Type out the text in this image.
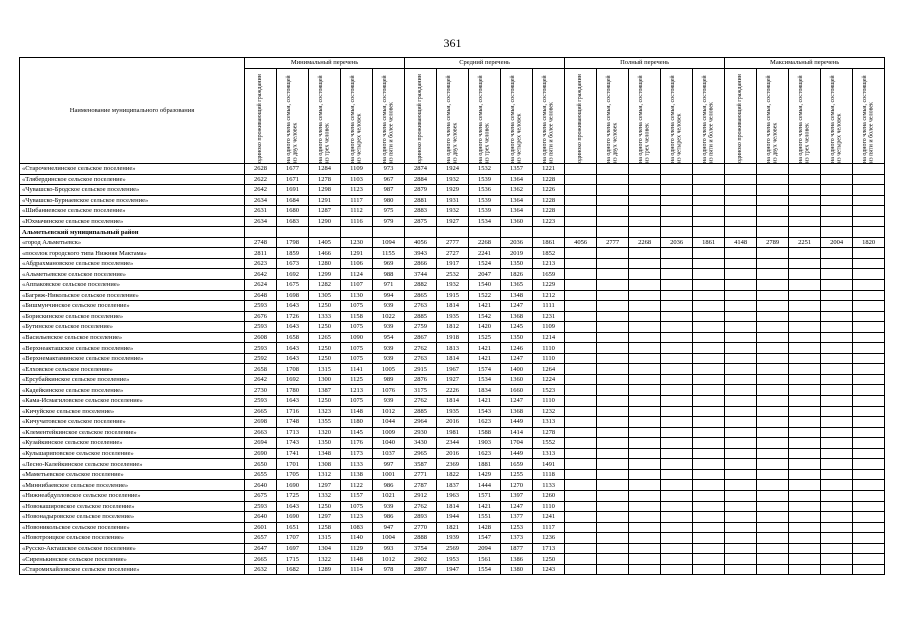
361
Наименование муниципального образования	Минимальный перечень					Средний перечень					Полный перечень					Максимальный перечень				

	одиноко проживающий гражданин	на одного члена семьи, состоящей из двух человек	на одного члена семьи, состоящей из трех человек	на одного члена семьи, состоящей из четырех человек	на одного члена семьи, состоящей из пяти и более человек	одиноко проживающий гражданин	на одного члена семьи, состоящей из двух человек	на одного члена семьи, состоящей из трех человек	на одного члена семьи, состоящей из четырех человек	на одного члена семьи, состоящей из пяти и более человек	одиноко проживающий гражданин	на одного члена семьи, состоящей из двух человек	на одного члена семьи, состоящей из трех человек	на одного члена семьи, состоящей из четырех человек	на одного члена семьи, состоящей из пяти и более человек	одиноко проживающий гражданин	на одного члена семьи, состоящей из двух человек	на одного члена семьи, состоящей из трех человек	на одного члена семьи, состоящей из четырех человек	на одного члена семьи, состоящей из пяти и более человек

«Староченелинское сельское поселение»	2628	1677	1284	1109	973	2874	1924	1532	1357	1221										
«Тлябердинское сельское поселение»	2622	1671	1278	1103	967	2884	1932	1539	1364	1228										
«Чувашско-Бродское сельское поселение»	2642	1691	1298	1123	987	2879	1929	1536	1362	1226										
«Чувашско-Бурнаевское сельское поселение»	2634	1684	1291	1117	980	2881	1931	1539	1364	1228										
«Шибаниевское сельское поселение»	2631	1680	1287	1112	975	2883	1932	1539	1364	1228										
«Юхмачинское сельское поселение»	2634	1683	1290	1116	979	2875	1927	1534	1360	1223										
Альметьевский муниципальный район																				
«город Альметьевск»	2748	1798	1405	1230	1094	4056	2777	2268	2036	1861	4056	2777	2268	2036	1861	4148	2789	2251	2004	1820
«поселок городского типа Нижняя Мактама»	2811	1859	1466	1291	1155	3943	2727	2241	2019	1852										
«Абдрахмановское сельское поселение»	2623	1673	1280	1106	969	2866	1917	1524	1350	1213										
«Альметьевское сельское поселение»	2642	1692	1299	1124	988	3744	2532	2047	1826	1659										
«Аппаковское сельское поселение»	2624	1675	1282	1107	971	2882	1932	1540	1365	1229										
«Багряж-Никольское сельское поселение»	2648	1698	1305	1130	994	2865	1915	1522	1348	1212										
«Бишмунчинское сельское поселение»	2593	1643	1250	1075	939	2763	1814	1421	1247	1111										
«Борискинское сельское поселение»	2676	1726	1333	1158	1022	2885	1935	1542	1368	1231										
«Бутинское сельское поселение»	2593	1643	1250	1075	939	2759	1812	1420	1245	1109										
«Васильевское сельское поселение»	2608	1658	1265	1090	954	2867	1918	1525	1350	1214										
«Верхнеакташское сельское поселение»	2593	1643	1250	1075	939	2762	1813	1421	1246	1110										
«Верхнемактаминское сельское поселение»	2592	1643	1250	1075	939	2763	1814	1421	1247	1110										
«Елховское сельское поселение»	2658	1708	1315	1141	1005	2915	1967	1574	1400	1264										
«Ерсубайкинское сельское поселение»	2642	1692	1300	1125	989	2876	1927	1534	1360	1224										
«Кадейкинское сельское поселение»	2730	1780	1387	1213	1076	3175	2226	1834	1660	1523										
«Кама-Исмагиловское сельское поселение»	2593	1643	1250	1075	939	2762	1814	1421	1247	1110										
«Кичуйское сельское поселение»	2665	1716	1323	1148	1012	2885	1935	1543	1368	1232										
«Кичучатовское сельское поселение»	2698	1748	1355	1180	1044	2964	2016	1623	1449	1313										
«Клементейкинское сельское поселение»	2663	1713	1320	1145	1009	2930	1981	1588	1414	1278										
«Кузайкинское сельское поселение»	2694	1743	1350	1176	1040	3430	2344	1903	1704	1552										
«Кульшариповское сельское поселение»	2690	1741	1348	1173	1037	2965	2016	1623	1449	1313										
«Лесно-Калейкинское сельское поселение»	2650	1701	1308	1133	997	3587	2369	1881	1659	1491										
«Маметьевское сельское поселение»	2655	1705	1312	1138	1001	2771	1822	1429	1255	1118										
«Миннибаевское сельское поселение»	2640	1690	1297	1122	986	2787	1837	1444	1270	1133										
«Нижнеабдулловское сельское поселение»	2675	1725	1332	1157	1021	2912	1963	1571	1397	1260										
«Новокашировское сельское поселение»	2593	1643	1250	1075	939	2762	1814	1421	1247	1110										
«Новонадыровское сельское поселение»	2640	1690	1297	1123	986	2893	1944	1551	1377	1241										
«Новоникольское сельское поселение»	2601	1651	1258	1083	947	2770	1821	1428	1253	1117										
«Новотроицкое сельское поселение»	2657	1707	1315	1140	1004	2888	1939	1547	1373	1236										
«Русско-Акташское сельское поселение»	2647	1697	1304	1129	993	3754	2569	2094	1877	1713										
«Сиренькинское сельское поселение»	2665	1715	1322	1148	1012	2902	1953	1561	1386	1250										
«Старомихайловское сельское поселение»	2632	1682	1289	1114	978	2897	1947	1554	1380	1243										
